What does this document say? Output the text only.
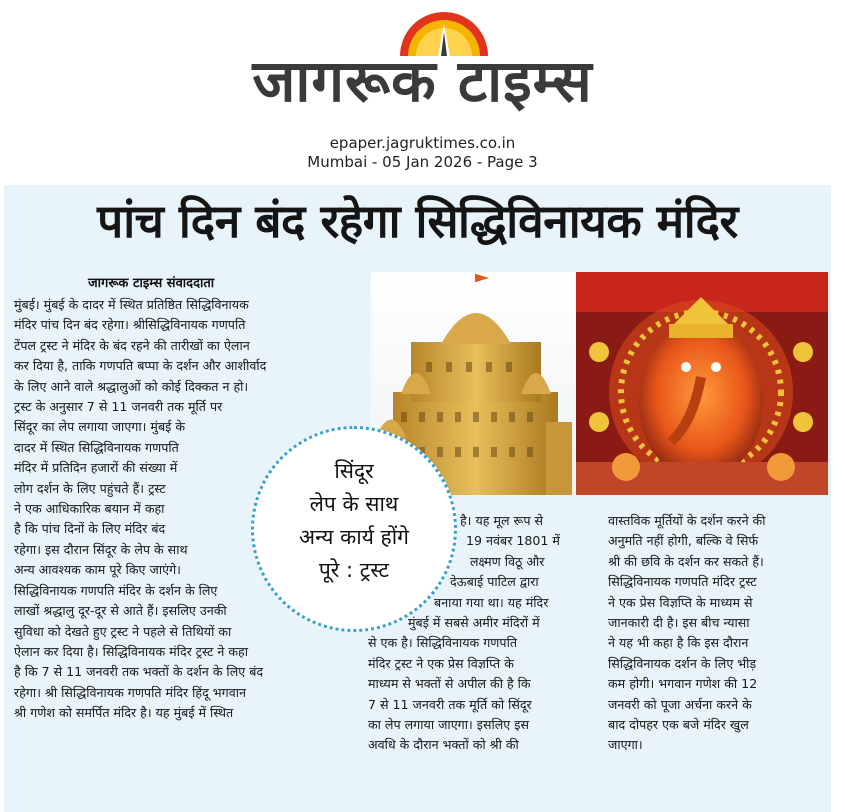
जागरूक टाइम्स
epaper.jagruktimes.co.in
Mumbai - 05 Jan 2026 - Page 3
पांच दिन बंद रहेगा सिद्धिविनायक मंदिर
जागरूक टाइम्स संवाददाता
मुंबई। मुंबई के दादर में स्थित प्रतिष्ठित सिद्धिविनायक
मंदिर पांच दिन बंद रहेगा। श्रीसिद्धिविनायक गणपति
टेंपल ट्रस्ट ने मंदिर के बंद रहने की तारीखों का ऐलान
कर दिया है, ताकि गणपति बप्पा के दर्शन और आशीर्वाद
के लिए आने वाले श्रद्धालुओं को कोई दिक्कत न हो।
ट्रस्ट के अनुसार 7 से 11 जनवरी तक मूर्ति पर
सिंदूर का लेप लगाया जाएगा। मुंबई के
दादर में स्थित सिद्धिविनायक गणपति
मंदिर में प्रतिदिन हजारों की संख्या में
लोग दर्शन के लिए पहुंचते हैं। ट्रस्ट
ने एक आधिकारिक बयान में कहा
है कि पांच दिनों के लिए मंदिर बंद
रहेगा। इस दौरान सिंदूर के लेप के साथ
अन्य आवश्यक काम पूरे किए जाएंगे।
सिद्धिविनायक गणपति मंदिर के दर्शन के लिए
लाखों श्रद्धालु दूर-दूर से आते हैं। इसलिए उनकी
सुविधा को देखते हुए ट्रस्ट ने पहले से तिथियों का
ऐलान कर दिया है। सिद्धिविनायक मंदिर ट्रस्ट ने कहा
है कि 7 से 11 जनवरी तक भक्तों के दर्शन के लिए बंद
रहेगा। श्री सिद्धिविनायक गणपति मंदिर हिंदू भगवान
श्री गणेश को समर्पित मंदिर है। यह मुंबई में स्थित
है। यह मूल रूप से
19 नवंबर 1801 में
लक्ष्मण विठू और
देऊबाई पाटिल द्वारा
बनाया गया था। यह मंदिर
मुंबई में सबसे अमीर मंदिरों में
से एक है। सिद्धिविनायक गणपति
मंदिर ट्रस्ट ने एक प्रेस विज्ञप्ति के
माध्यम से भक्तों से अपील की है कि
7 से 11 जनवरी तक मूर्ति को सिंदूर
का लेप लगाया जाएगा। इसलिए इस
अवधि के दौरान भक्तों को श्री की
वास्तविक मूर्तियों के दर्शन करने की
अनुमति नहीं होगी, बल्कि वे सिर्फ
श्री की छवि के दर्शन कर सकते हैं।
सिद्धिविनायक गणपति मंदिर ट्रस्ट
ने एक प्रेस विज्ञप्ति के माध्यम से
जानकारी दी है। इस बीच न्यासा
ने यह भी कहा है कि इस दौरान
सिद्धिविनायक दर्शन के लिए भीड़
कम होगी। भगवान गणेश की 12
जनवरी को पूजा अर्चना करने के
बाद दोपहर एक बजे मंदिर खुल
जाएगा।
सिंदूर
लेप के साथ
अन्य कार्य होंगे
पूरे : ट्रस्ट
